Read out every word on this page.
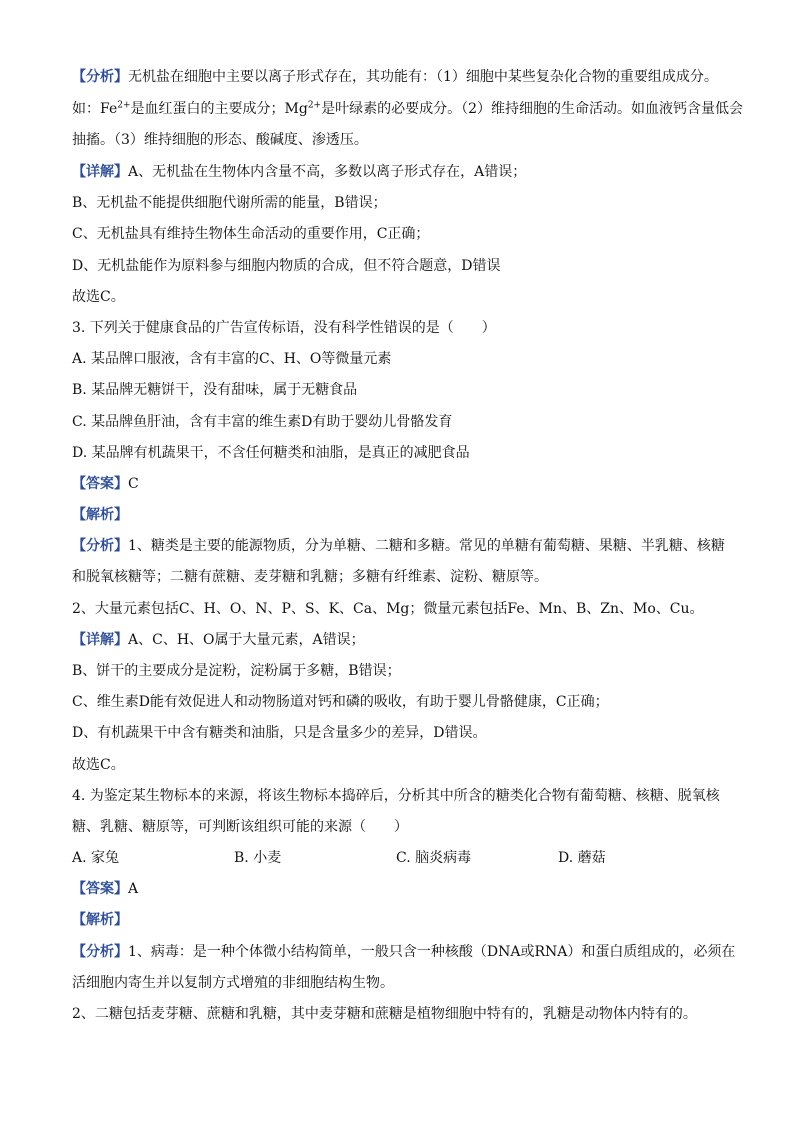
【分析】无机盐在细胞中主要以离子形式存在，其功能有：（1）细胞中某些复杂化合物的重要组成成分。
如：$Fe^{2+}$是血红蛋白的主要成分；$Mg^{2+}$是叶绿素的必要成分。（2）维持细胞的生命活动。如血液钙含量低会
抽搐。（3）维持细胞的形态、酸碱度、渗透压。
【详解】A、无机盐在生物体内含量不高，多数以离子形式存在，A错误；
B、无机盐不能提供细胞代谢所需的能量，B错误；
C、无机盐具有维持生物体生命活动的重要作用，C正确；
D、无机盐能作为原料参与细胞内物质的合成，但不符合题意，D错误
故选C。
3. 下列关于健康食品的广告宣传标语，没有科学性错误的是（　　）
A. 某品牌口服液，含有丰富的C、H、O等微量元素
B. 某品牌无糖饼干，没有甜味，属于无糖食品
C. 某品牌鱼肝油，含有丰富的维生素D有助于婴幼儿骨骼发育
D. 某品牌有机蔬果干，不含任何糖类和油脂，是真正的减肥食品
【答案】C
【解析】
【分析】1、糖类是主要的能源物质，分为单糖、二糖和多糖。常见的单糖有葡萄糖、果糖、半乳糖、核糖
和脱氧核糖等；二糖有蔗糖、麦芽糖和乳糖；多糖有纤维素、淀粉、糖原等。
2、大量元素包括C、H、O、N、P、S、K、Ca、Mg；微量元素包括Fe、Mn、B、Zn、Mo、Cu。
【详解】A、C、H、O属于大量元素，A错误；
B、饼干的主要成分是淀粉，淀粉属于多糖，B错误；
C、维生素D能有效促进人和动物肠道对钙和磷的吸收，有助于婴儿骨骼健康，C正确；
D、有机蔬果干中含有糖类和油脂，只是含量多少的差异，D错误。
故选C。
4. 为鉴定某生物标本的来源，将该生物标本捣碎后，分析其中所含的糖类化合物有葡萄糖、核糖、脱氧核
糖、乳糖、糖原等，可判断该组织可能的来源（　　）
A. 家兔	B. 小麦	C. 脑炎病毒	D. 蘑菇
【答案】A
【解析】
【分析】1、病毒：是一种个体微小结构简单，一般只含一种核酸（DNA或RNA）和蛋白质组成的，必须在
活细胞内寄生并以复制方式增殖的非细胞结构生物。
2、二糖包括麦芽糖、蔗糖和乳糖，其中麦芽糖和蔗糖是植物细胞中特有的，乳糖是动物体内特有的。
